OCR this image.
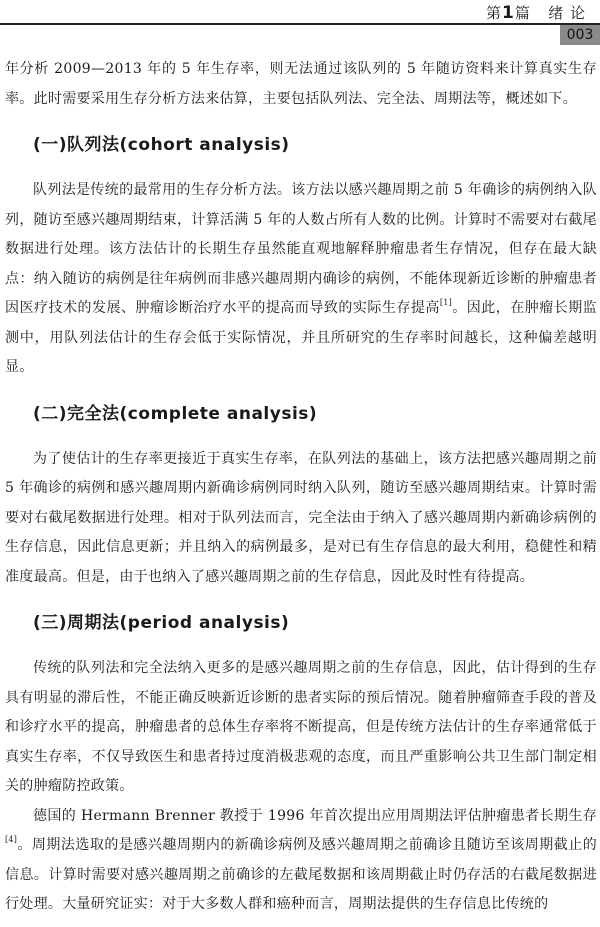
第1篇 绪 论
003

年分析 2009—2013 年的 5 年生存率，则无法通过该队列的 5 年随访资料来计算真实生存率。此时需要采用生存分析方法来估算，主要包括队列法、完全法、周期法等，概述如下。

(一)队列法(cohort analysis)

队列法是传统的最常用的生存分析方法。该方法以感兴趣周期之前 5 年确诊的病例纳入队列，随访至感兴趣周期结束，计算活满 5 年的人数占所有人数的比例。计算时不需要对右截尾数据进行处理。该方法估计的长期生存虽然能直观地解释肿瘤患者生存情况，但存在最大缺点：纳入随访的病例是往年病例而非感兴趣周期内确诊的病例，不能体现新近诊断的肿瘤患者因医疗技术的发展、肿瘤诊断治疗水平的提高而导致的实际生存提高[1]。因此，在肿瘤长期监测中，用队列法估计的生存会低于实际情况，并且所研究的生存率时间越长，这种偏差越明显。

(二)完全法(complete analysis)

为了使估计的生存率更接近于真实生存率，在队列法的基础上，该方法把感兴趣周期之前 5 年确诊的病例和感兴趣周期内新确诊病例同时纳入队列，随访至感兴趣周期结束。计算时需要对右截尾数据进行处理。相对于队列法而言，完全法由于纳入了感兴趣周期内新确诊病例的生存信息，因此信息更新；并且纳入的病例最多，是对已有生存信息的最大利用，稳健性和精准度最高。但是，由于也纳入了感兴趣周期之前的生存信息，因此及时性有待提高。

(三)周期法(period analysis)

传统的队列法和完全法纳入更多的是感兴趣周期之前的生存信息，因此，估计得到的生存具有明显的滞后性，不能正确反映新近诊断的患者实际的预后情况。随着肿瘤筛查手段的普及和诊疗水平的提高，肿瘤患者的总体生存率将不断提高，但是传统方法估计的生存率通常低于真实生存率，不仅导致医生和患者持过度消极悲观的态度，而且严重影响公共卫生部门制定相关的肿瘤防控政策。

德国的 Hermann Brenner 教授于 1996 年首次提出应用周期法评估肿瘤患者长期生存[4]。周期法选取的是感兴趣周期内的新确诊病例及感兴趣周期之前确诊且随访至该周期截止的信息。计算时需要对感兴趣周期之前确诊的左截尾数据和该周期截止时仍存活的右截尾数据进行处理。大量研究证实：对于大多数人群和癌种而言，周期法提供的生存信息比传统的
